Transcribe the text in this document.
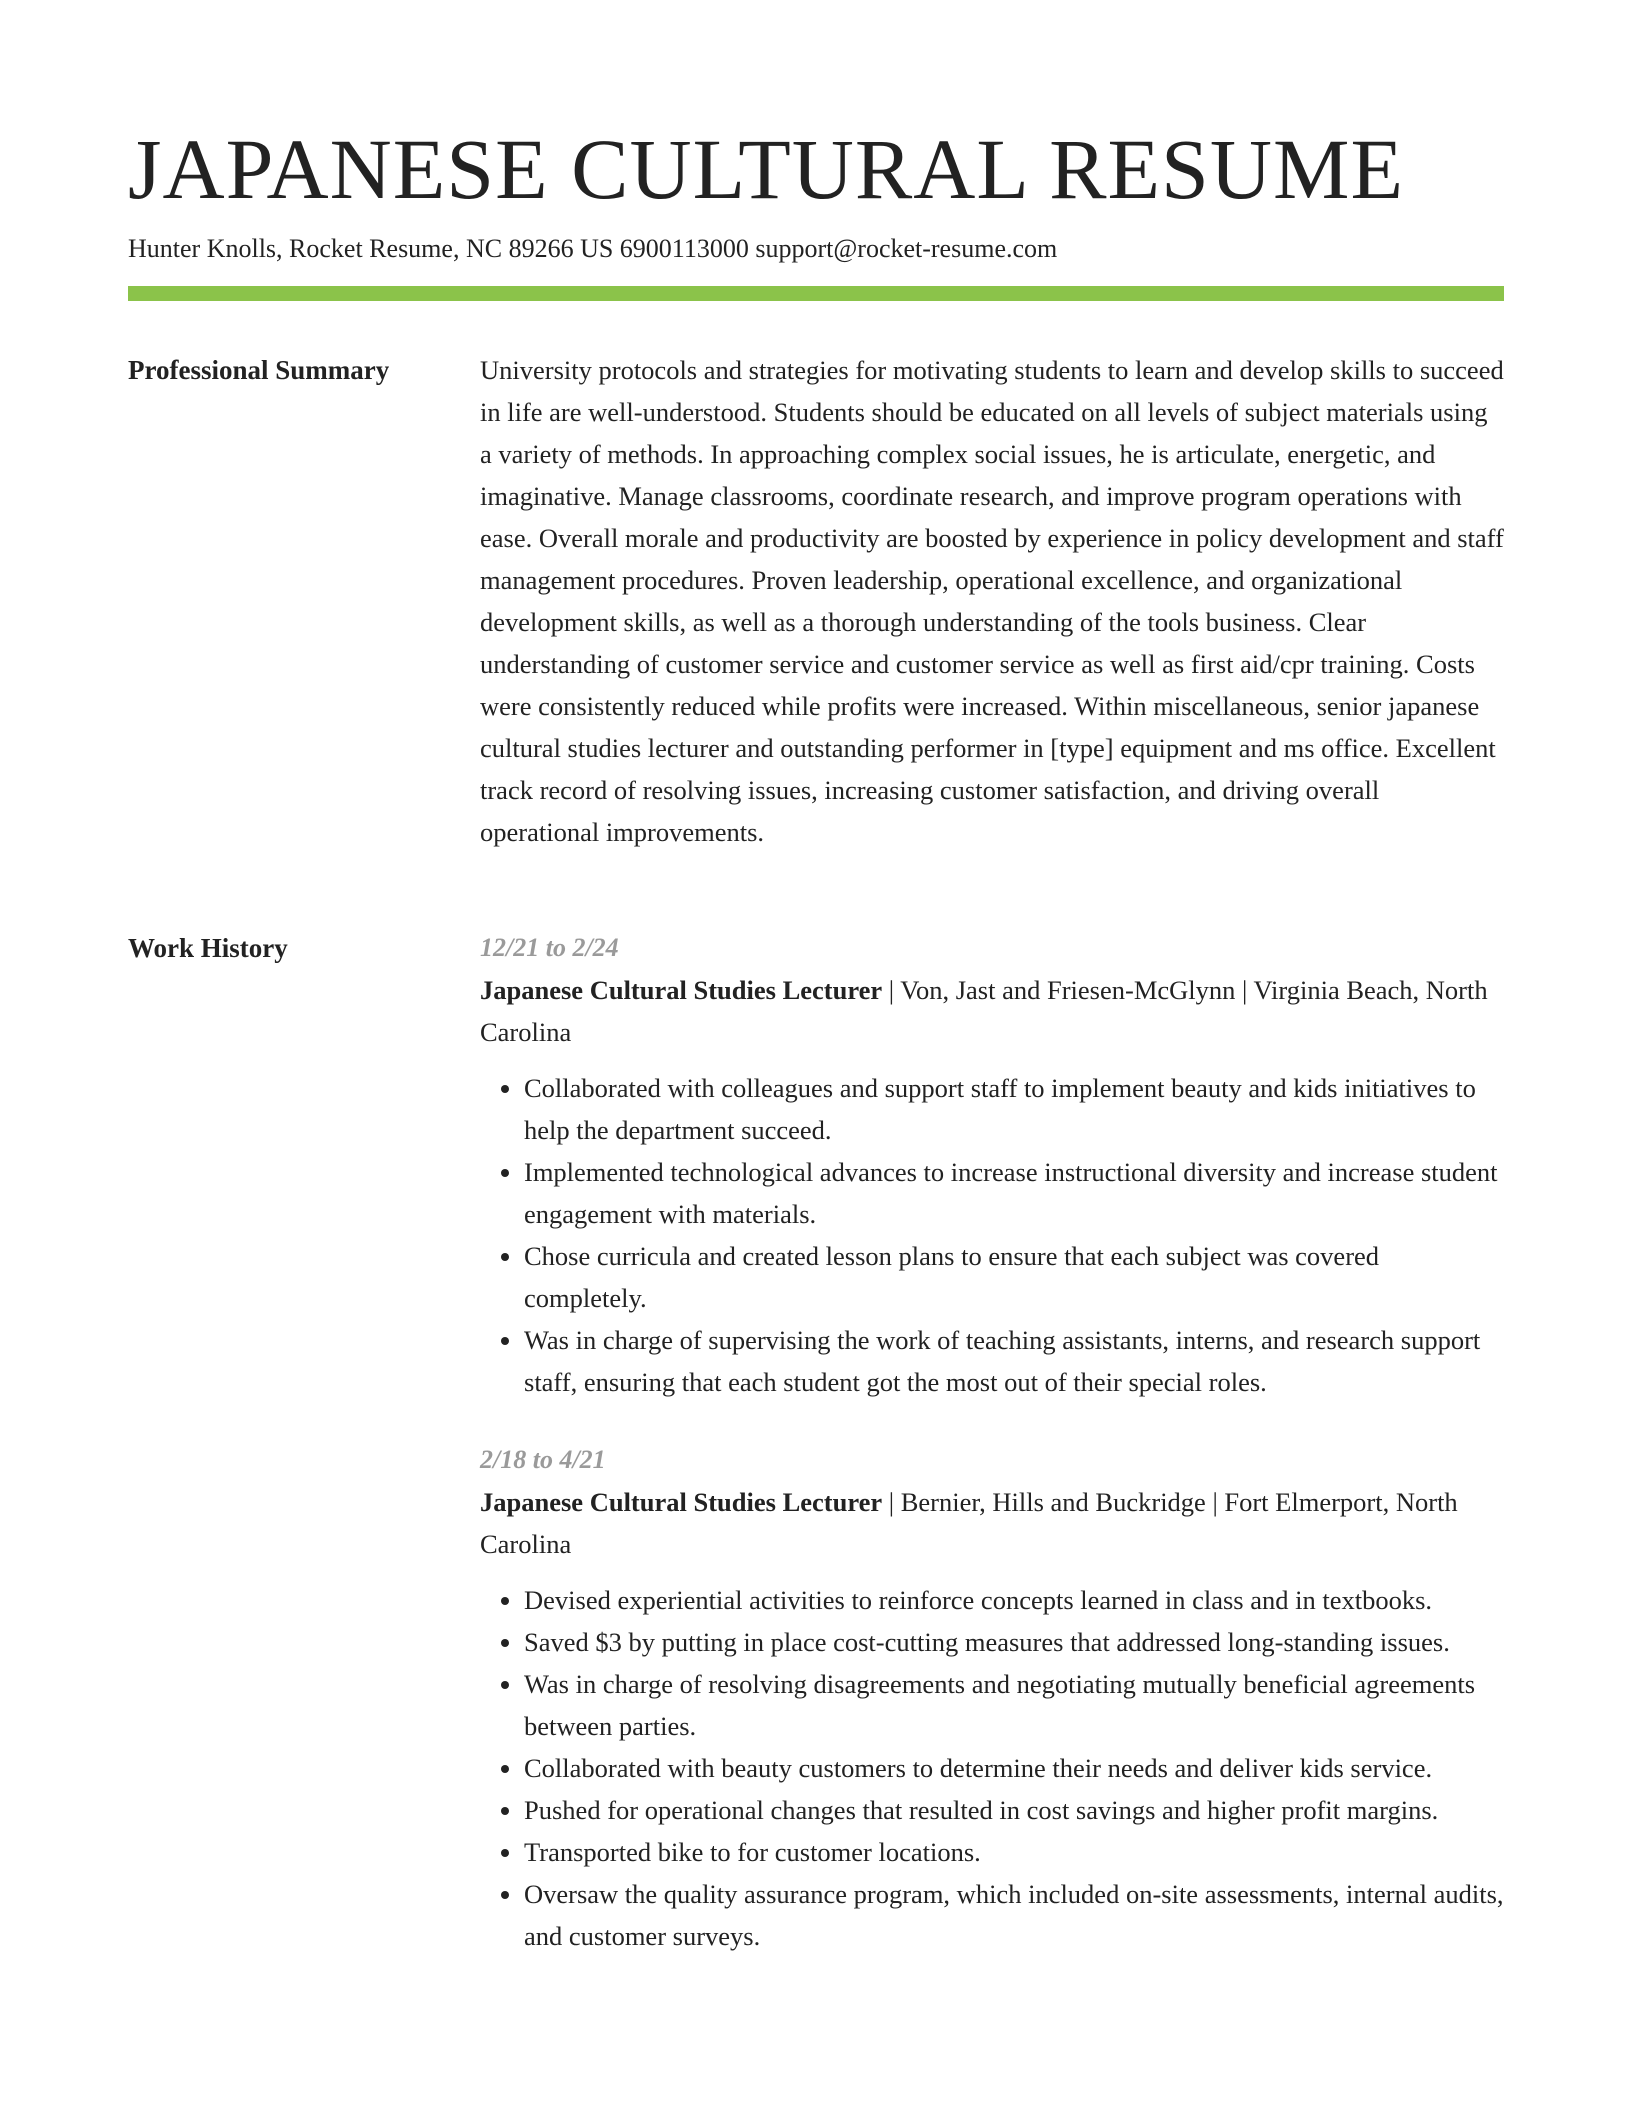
JAPANESE CULTURAL RESUME
Hunter Knolls, Rocket Resume, NC 89266 US 6900113000 support@rocket-resume.com
Professional Summary	University protocols and strategies for motivating students to learn and develop skills to succeed in life are well-understood. Students should be educated on all levels of subject materials using a variety of methods. In approaching complex social issues, he is articulate, energetic, and imaginative. Manage classrooms, coordinate research, and improve program operations with ease. Overall morale and productivity are boosted by experience in policy development and staff management procedures. Proven leadership, operational excellence, and organizational development skills, as well as a thorough understanding of the tools business. Clear understanding of customer service and customer service as well as first aid/cpr training. Costs were consistently reduced while profits were increased. Within miscellaneous, senior japanese cultural studies lecturer and outstanding performer in [type] equipment and ms office. Excellent track record of resolving issues, increasing customer satisfaction, and driving overall operational improvements.

Work History	12/21 to 2/24
Japanese Cultural Studies Lecturer | Von, Jast and Friesen-McGlynn | Virginia Beach, North Carolina
• Collaborated with colleagues and support staff to implement beauty and kids initiatives to help the department succeed.
• Implemented technological advances to increase instructional diversity and increase student engagement with materials.
• Chose curricula and created lesson plans to ensure that each subject was covered completely.
• Was in charge of supervising the work of teaching assistants, interns, and research support staff, ensuring that each student got the most out of their special roles.
2/18 to 4/21
Japanese Cultural Studies Lecturer | Bernier, Hills and Buckridge | Fort Elmerport, North Carolina
• Devised experiential activities to reinforce concepts learned in class and in textbooks.
• Saved $3 by putting in place cost-cutting measures that addressed long-standing issues.
• Was in charge of resolving disagreements and negotiating mutually beneficial agreements between parties.
• Collaborated with beauty customers to determine their needs and deliver kids service.
• Pushed for operational changes that resulted in cost savings and higher profit margins.
• Transported bike to for customer locations.
• Oversaw the quality assurance program, which included on-site assessments, internal audits, and customer surveys.
